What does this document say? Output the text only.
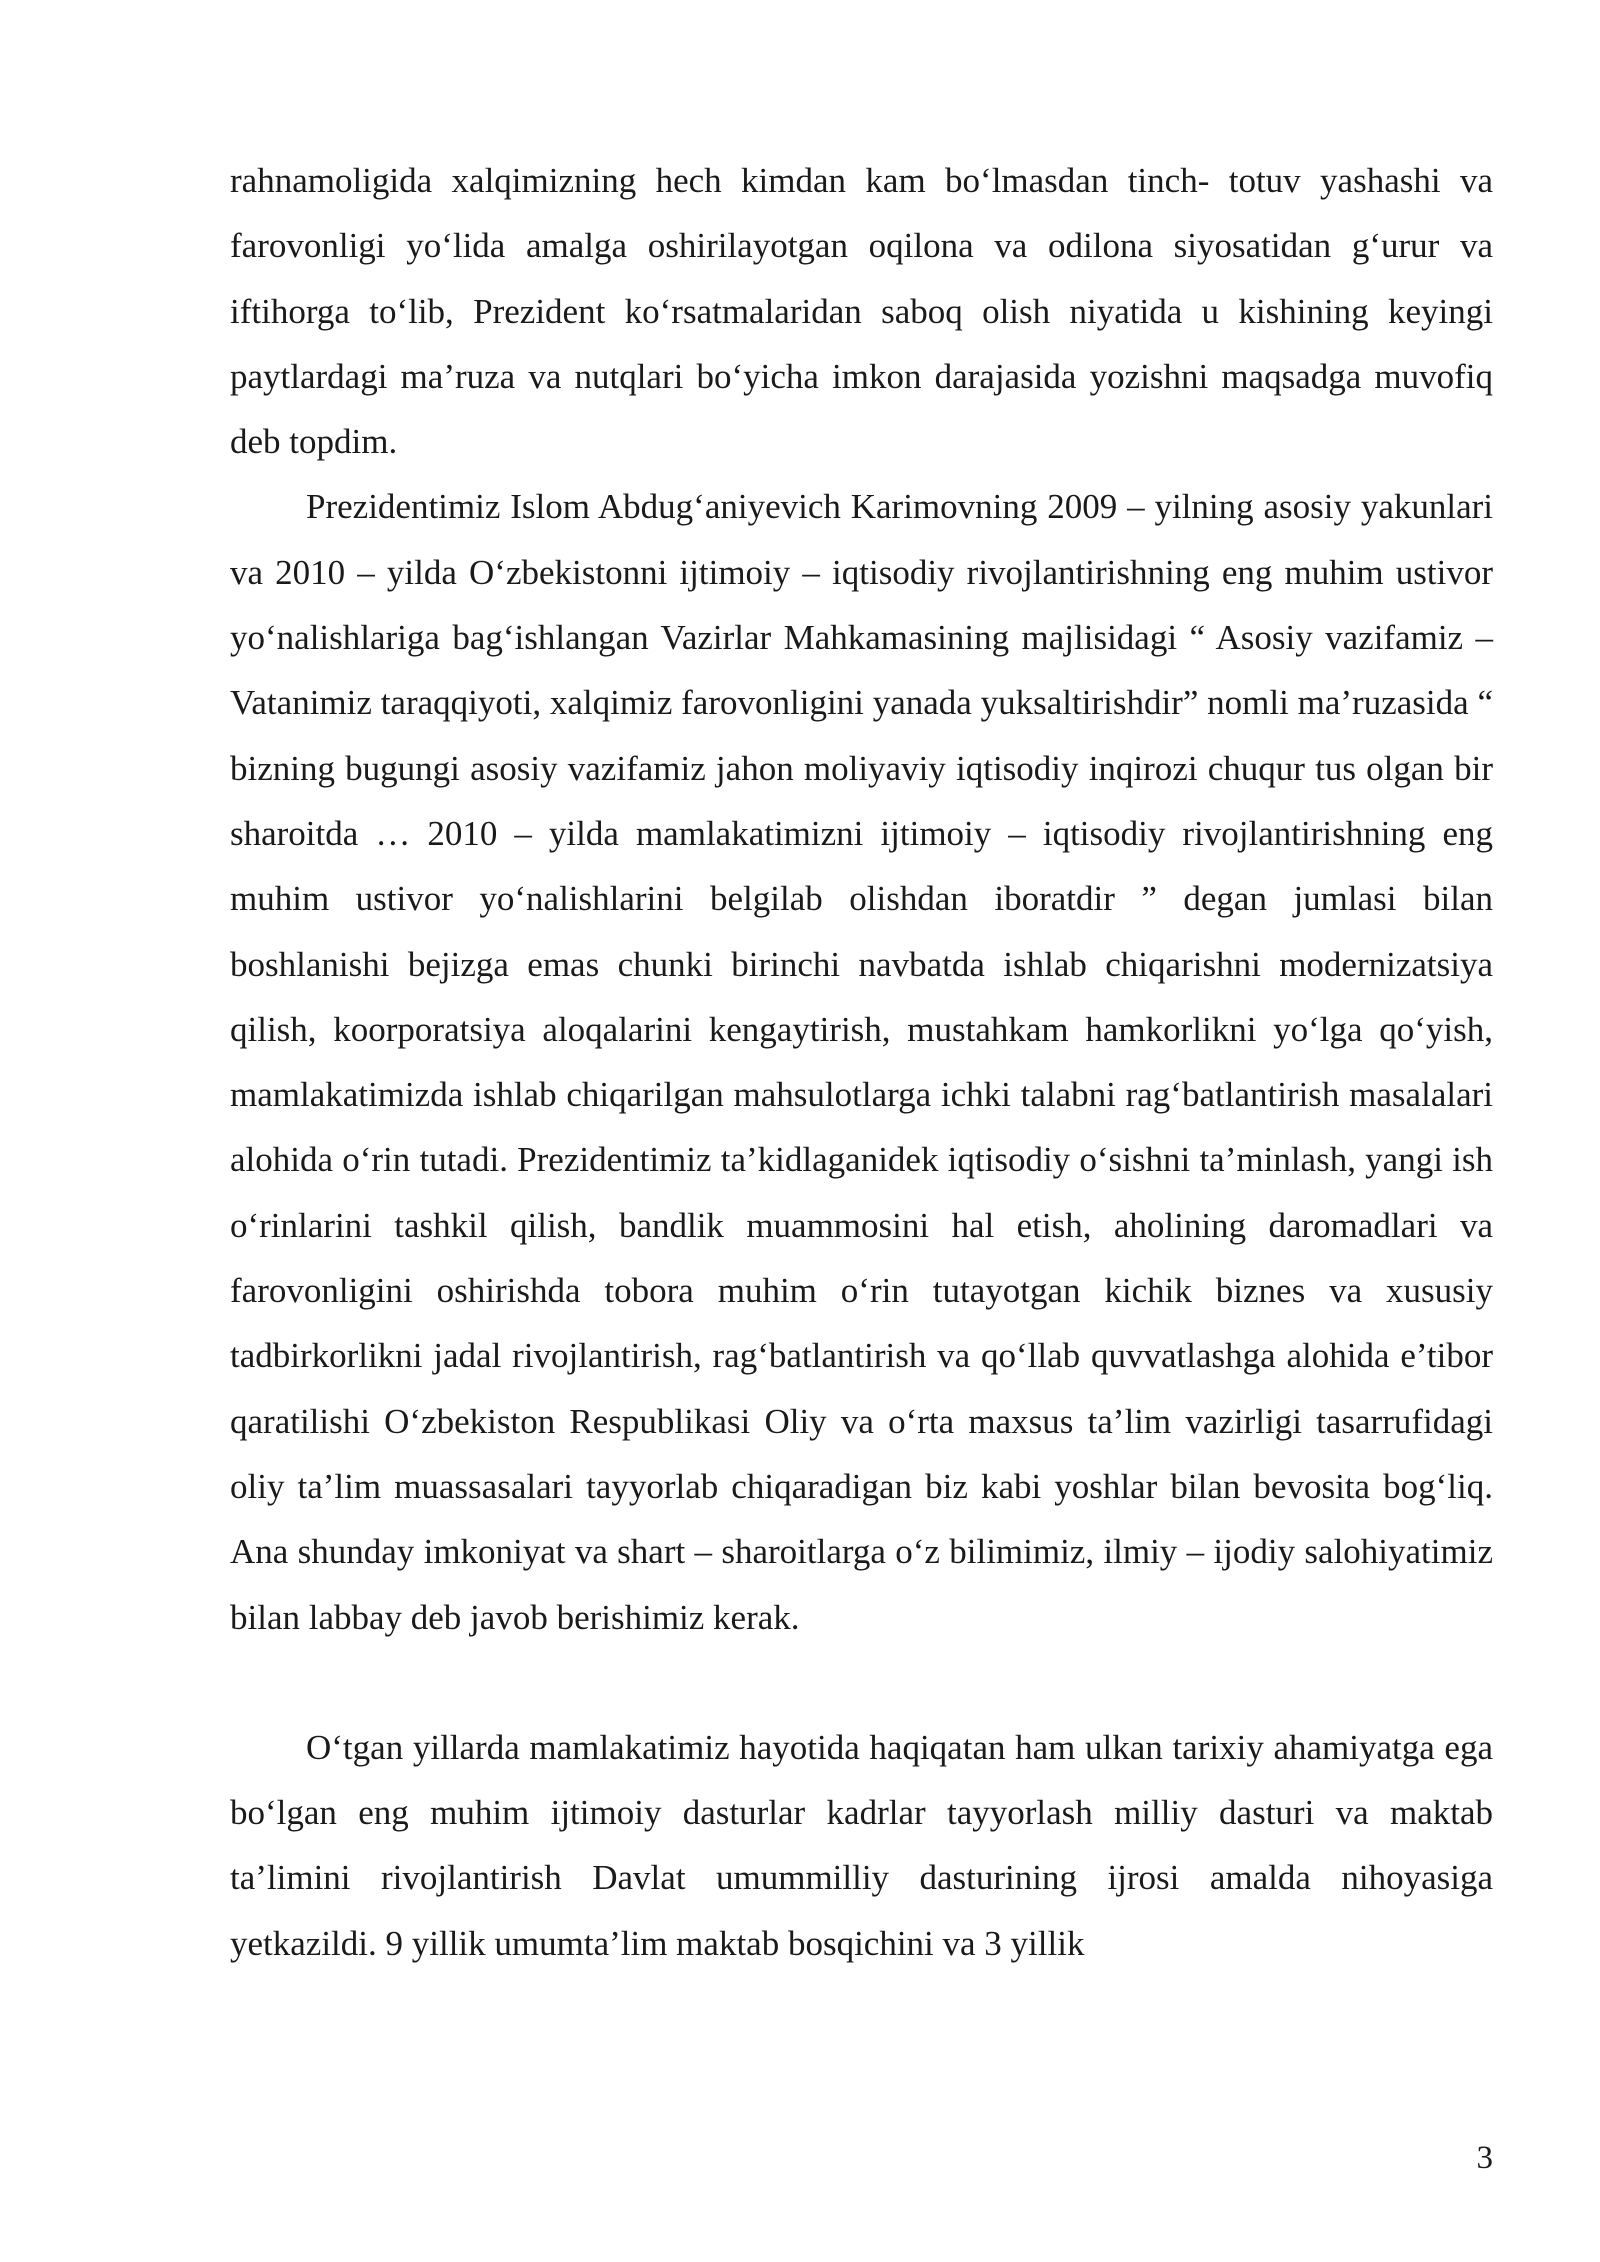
rahnamoligida xalqimizning hech kimdan kam bo‘lmasdan tinch- totuv yashashi va farovonligi yo‘lida amalga oshirilayotgan oqilona va odilona siyosatidan g‘urur va iftihorga to‘lib, Prezident ko‘rsatmalaridan saboq olish niyatida u kishining keyingi paytlardagi ma’ruza va nutqlari bo‘yicha imkon darajasida yozishni maqsadga muvofiq deb topdim.

Prezidentimiz Islom Abdug‘aniyevich Karimovning 2009 – yilning asosiy yakunlari va 2010 – yilda O‘zbekistonni ijtimoiy – iqtisodiy rivojlantirishning eng muhim ustivor yo‘nalishlariga bag‘ishlangan Vazirlar Mahkamasining majlisidagi “ Asosiy vazifamiz – Vatanimiz taraqqiyoti, xalqimiz farovonligini yanada yuksaltirishdir” nomli ma’ruzasida “ bizning bugungi asosiy vazifamiz jahon moliyaviy iqtisodiy inqirozi chuqur tus olgan bir sharoitda … 2010 – yilda mamlakatimizni ijtimoiy – iqtisodiy rivojlantirishning eng muhim ustivor yo‘nalishlarini belgilab olishdan iboratdir ” degan jumlasi bilan boshlanishi bejizga emas chunki birinchi navbatda ishlab chiqarishni modernizatsiya qilish, koorporatsiya aloqalarini kengaytirish, mustahkam hamkorlikni yo‘lga qo‘yish, mamlakatimizda ishlab chiqarilgan mahsulotlarga ichki talabni rag‘batlantirish masalalari alohida o‘rin tutadi. Prezidentimiz ta’kidlaganidek iqtisodiy o‘sishni ta’minlash, yangi ish o‘rinlarini tashkil qilish, bandlik muammosini hal etish, aholining daromadlari va farovonligini oshirishda tobora muhim o‘rin tutayotgan kichik biznes va xususiy tadbirkorlikni jadal rivojlantirish, rag‘batlantirish va qo‘llab quvvatlashga alohida e’tibor qaratilishi O‘zbekiston Respublikasi Oliy va o‘rta maxsus ta’lim vazirligi tasarrufidagi oliy ta’lim muassasalari tayyorlab chiqaradigan biz kabi yoshlar bilan bevosita bog‘liq. Ana shunday imkoniyat va shart – sharoitlarga o‘z bilimimiz, ilmiy – ijodiy salohiyatimiz bilan labbay deb javob berishimiz kerak.

O‘tgan yillarda mamlakatimiz hayotida haqiqatan ham ulkan tarixiy ahamiyatga ega bo‘lgan eng muhim ijtimoiy dasturlar kadrlar tayyorlash milliy dasturi va maktab ta’limini rivojlantirish Davlat umummilliy dasturining ijrosi amalda nihoyasiga yetkazildi. 9 yillik umumta’lim maktab bosqichini va 3 yillik

3
